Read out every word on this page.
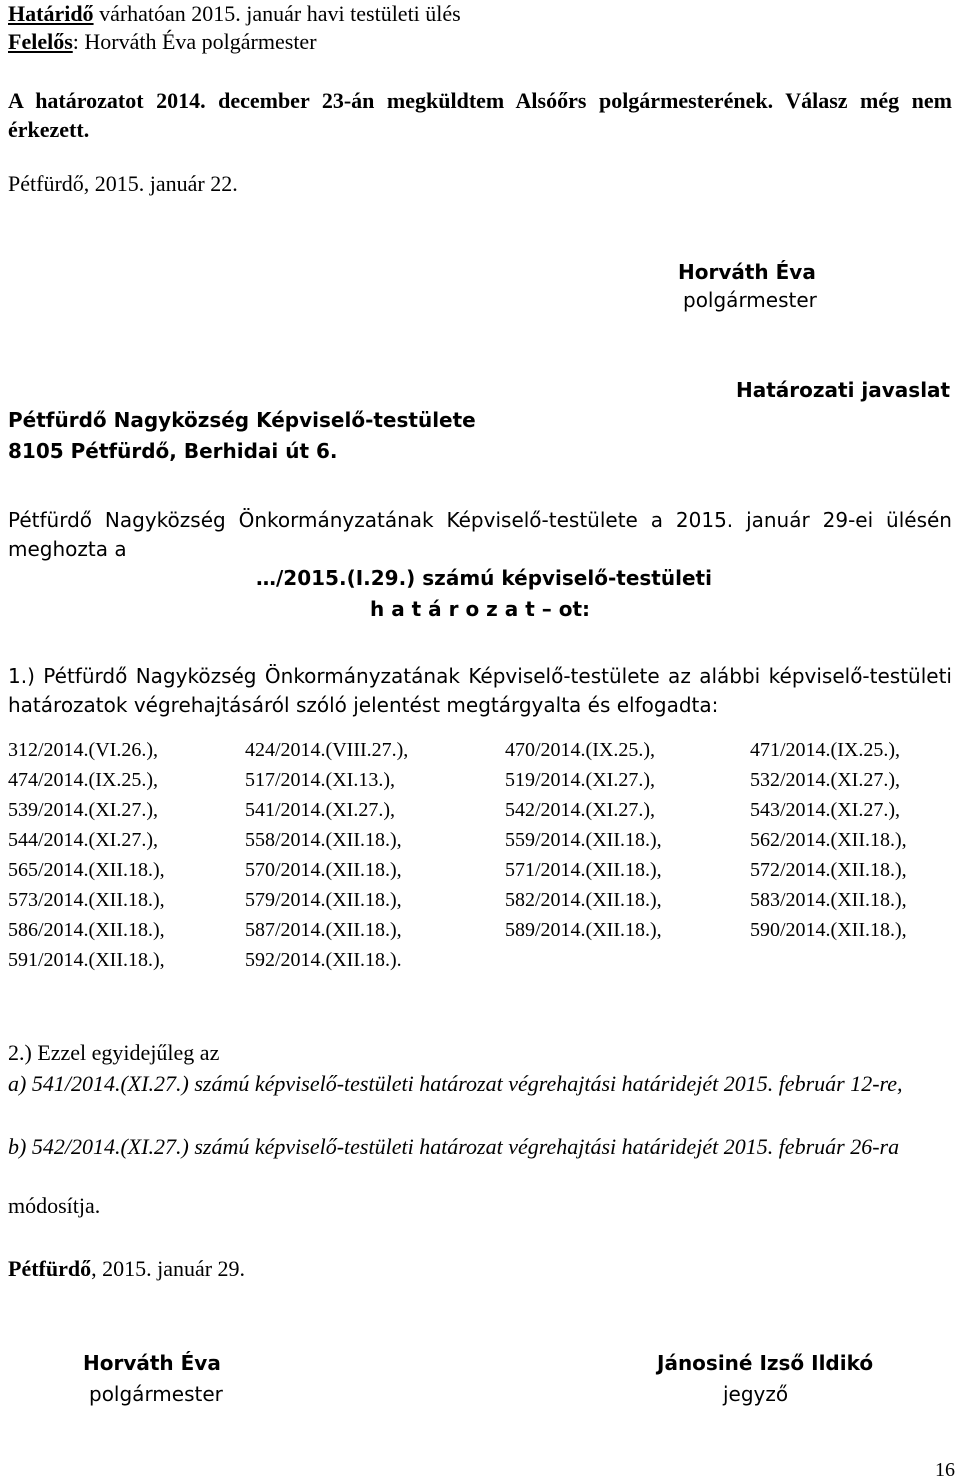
Határidő várhatóan 2015. január havi testületi ülés
Felelős: Horváth Éva polgármester
A határozatot 2014. december 23-án megküldtem Alsóőrs polgármesterének. Válasz még nem érkezett.
Pétfürdő, 2015. január 22.
Horváth Éva
polgármester
Határozati javaslat
Pétfürdő Nagyközség Képviselő-testülete
8105 Pétfürdő, Berhidai út 6.
Pétfürdő Nagyközség Önkormányzatának Képviselő-testülete a 2015. január 29-ei ülésén meghozta a
…/2015.(I.29.) számú képviselő-testületi
h a t á r o z a t – ot:
1.) Pétfürdő Nagyközség Önkormányzatának Képviselő-testülete az alábbi képviselő-testületi határozatok végrehajtásáról szóló jelentést megtárgyalta és elfogadta:
312/2014.(VI.26.),	424/2014.(VIII.27.),	470/2014.(IX.25.),	471/2014.(IX.25.),
474/2014.(IX.25.),	517/2014.(XI.13.),	519/2014.(XI.27.),	532/2014.(XI.27.),
539/2014.(XI.27.),	541/2014.(XI.27.),	542/2014.(XI.27.),	543/2014.(XI.27.),
544/2014.(XI.27.),	558/2014.(XII.18.),	559/2014.(XII.18.),	562/2014.(XII.18.),
565/2014.(XII.18.),	570/2014.(XII.18.),	571/2014.(XII.18.),	572/2014.(XII.18.),
573/2014.(XII.18.),	579/2014.(XII.18.),	582/2014.(XII.18.),	583/2014.(XII.18.),
586/2014.(XII.18.),	587/2014.(XII.18.),	589/2014.(XII.18.),	590/2014.(XII.18.),
591/2014.(XII.18.),	592/2014.(XII.18.).
2.) Ezzel egyidejűleg az
a) 541/2014.(XI.27.) számú képviselő-testületi határozat végrehajtási határidejét 2015. február 12-re,
b) 542/2014.(XI.27.) számú képviselő-testületi határozat végrehajtási határidejét 2015. február 26-ra
módosítja.
Pétfürdő, 2015. január 29.
Horváth Éva
polgármester
Jánosiné Izső Ildikó
jegyző
16
